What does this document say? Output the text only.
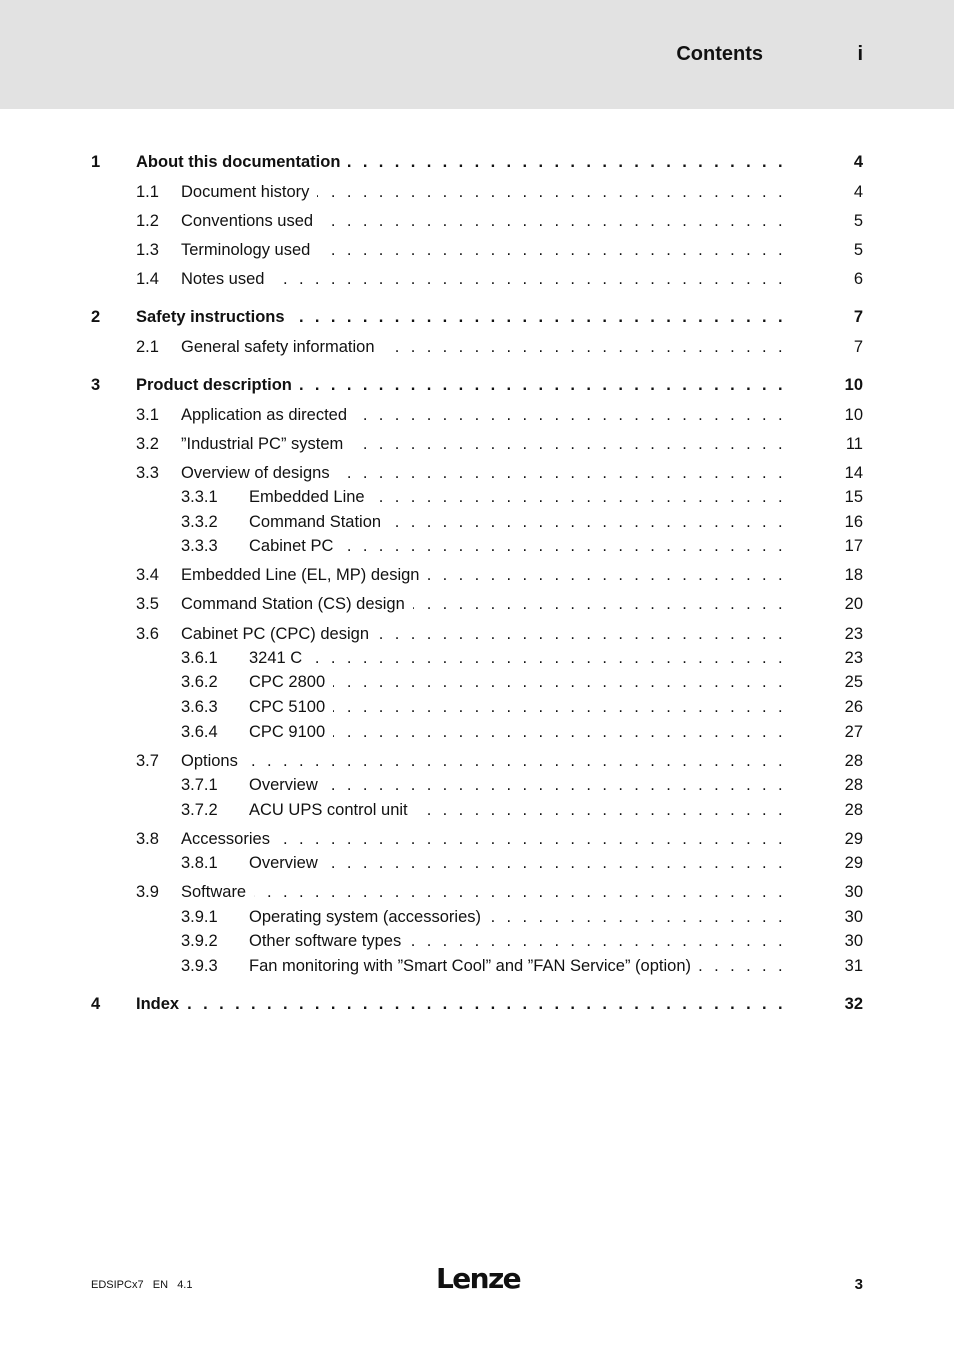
Contents	i
1 About this documentation . . .	4
1.1 Document history . . .	4
1.2 Conventions used . . .	5
1.3 Terminology used . . .	5
1.4 Notes used . . .	6
2 Safety instructions . . .	7
2.1 General safety information . . .	7
3 Product description . . .	10
3.1 Application as directed . . .	10
3.2 ”Industrial PC” system . . .	11
3.3 Overview of designs . . .	14
3.3.1 Embedded Line . . .	15
3.3.2 Command Station . . .	16
3.3.3 Cabinet PC . . .	17
3.4 Embedded Line (EL, MP) design . . .	18
3.5 Command Station (CS) design . . .	20
3.6 Cabinet PC (CPC) design . . .	23
3.6.1 3241 C . . .	23
3.6.2 CPC 2800 . . .	25
3.6.3 CPC 5100 . . .	26
3.6.4 CPC 9100 . . .	27
3.7 Options . . .	28
3.7.1 Overview . . .	28
3.7.2 ACU UPS control unit . . .	28
3.8 Accessories . . .	29
3.8.1 Overview . . .	29
3.9 Software . . .	30
3.9.1 Operating system (accessories) . . .	30
3.9.2 Other software types . . .	30
3.9.3 Fan monitoring with ”Smart Cool” and ”FAN Service” (option) . . .	31
4 Index . . .	32
EDSIPCx7   EN   4.1	Lenze	3
